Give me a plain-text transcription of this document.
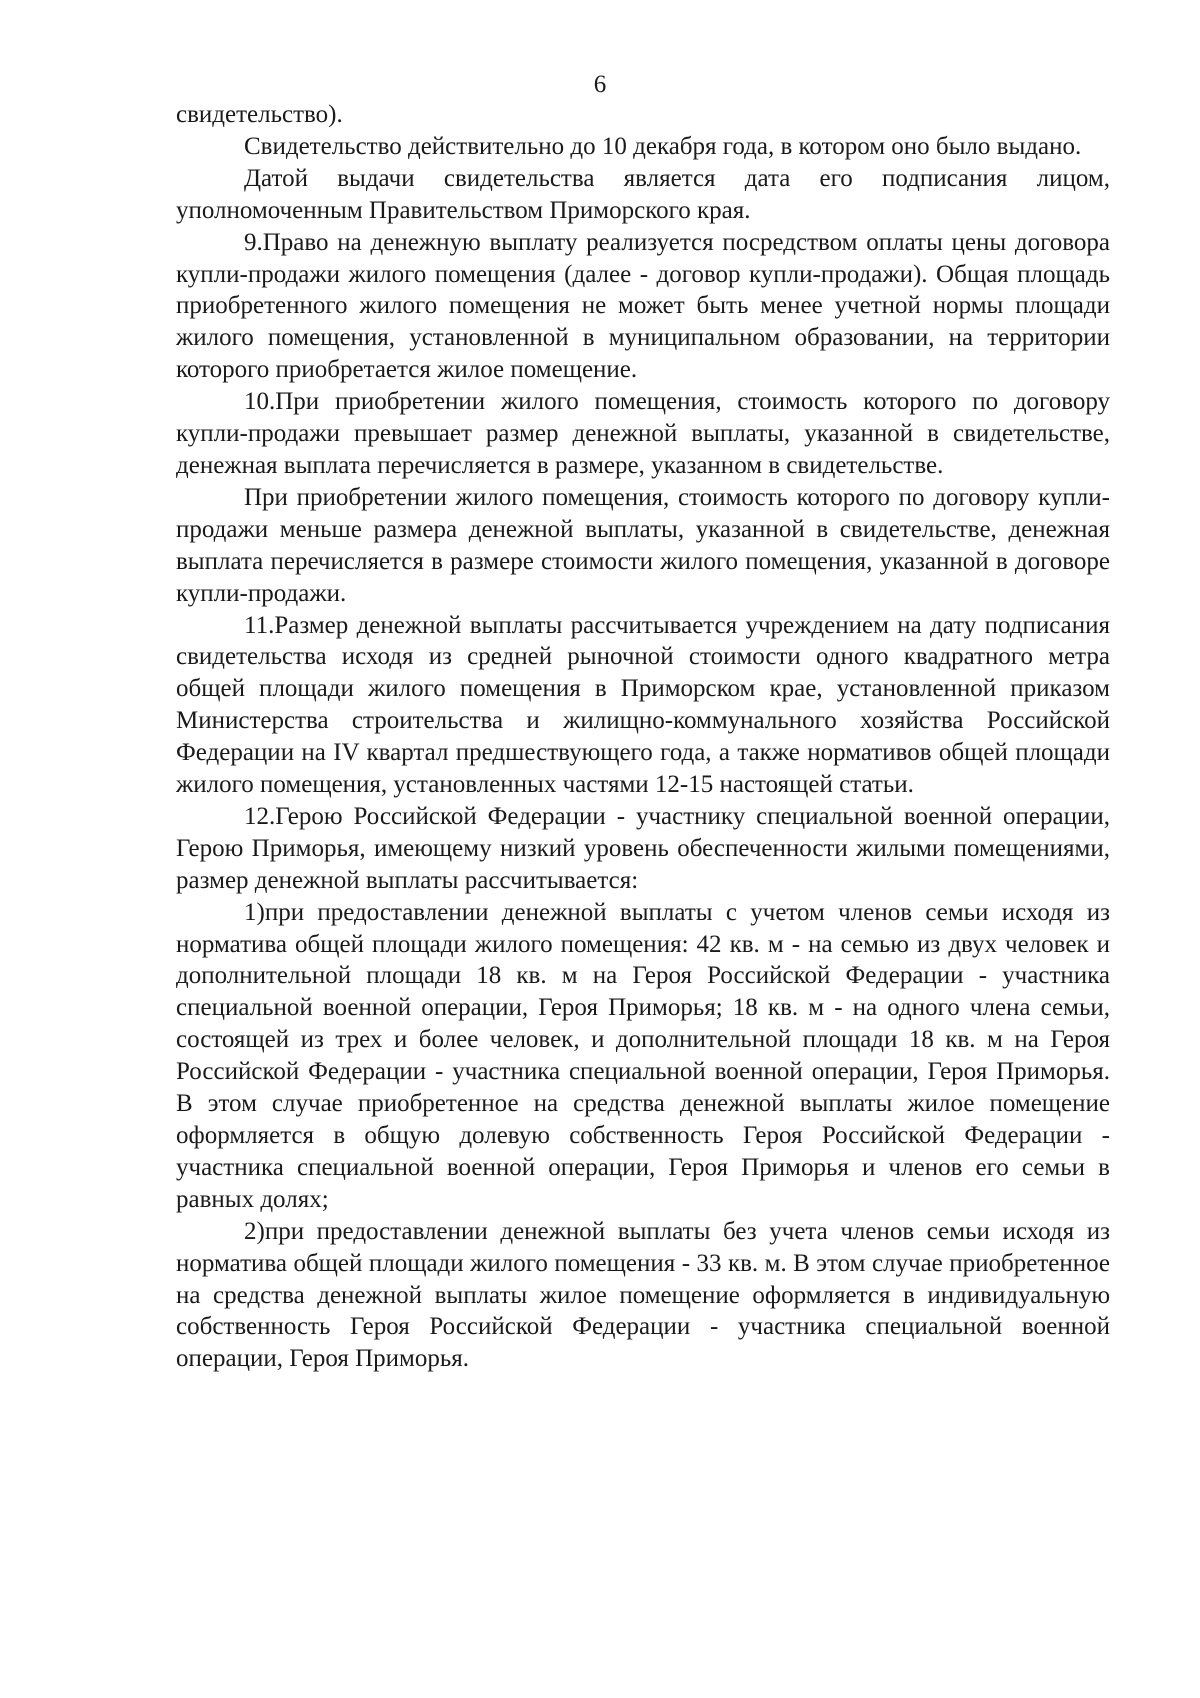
6

свидетельство).

Свидетельство действительно до 10 декабря года, в котором оно было выдано.

Датой выдачи свидетельства является дата его подписания лицом, уполномоченным Правительством Приморского края.

9.Право на денежную выплату реализуется посредством оплаты цены договора купли-продажи жилого помещения (далее - договор купли-продажи). Общая площадь приобретенного жилого помещения не может быть менее учетной нормы площади жилого помещения, установленной в муниципальном образовании, на территории которого приобретается жилое помещение.

10.При приобретении жилого помещения, стоимость которого по договору купли-продажи превышает размер денежной выплаты, указанной в свидетельстве, денежная выплата перечисляется в размере, указанном в свидетельстве.

При приобретении жилого помещения, стоимость которого по договору купли-продажи меньше размера денежной выплаты, указанной в свидетельстве, денежная выплата перечисляется в размере стоимости жилого помещения, указанной в договоре купли-продажи.

11.Размер денежной выплаты рассчитывается учреждением на дату подписания свидетельства исходя из средней рыночной стоимости одного квадратного метра общей площади жилого помещения в Приморском крае, установленной приказом Министерства строительства и жилищно-коммунального хозяйства Российской Федерации на IV квартал предшествующего года, а также нормативов общей площади жилого помещения, установленных частями 12-15 настоящей статьи.

12.Герою Российской Федерации - участнику специальной военной операции, Герою Приморья, имеющему низкий уровень обеспеченности жилыми помещениями, размер денежной выплаты рассчитывается:

1)при предоставлении денежной выплаты с учетом членов семьи исходя из норматива общей площади жилого помещения: 42 кв. м - на семью из двух человек и дополнительной площади 18 кв. м на Героя Российской Федерации - участника специальной военной операции, Героя Приморья; 18 кв. м - на одного члена семьи, состоящей из трех и более человек, и дополнительной площади 18 кв. м на Героя Российской Федерации - участника специальной военной операции, Героя Приморья. В этом случае приобретенное на средства денежной выплаты жилое помещение оформляется в общую долевую собственность Героя Российской Федерации - участника специальной военной операции, Героя Приморья и членов его семьи в равных долях;

2)при предоставлении денежной выплаты без учета членов семьи исходя из норматива общей площади жилого помещения - 33 кв. м. В этом случае приобретенное на средства денежной выплаты жилое помещение оформляется в индивидуальную собственность Героя Российской Федерации - участника специальной военной операции, Героя Приморья.
